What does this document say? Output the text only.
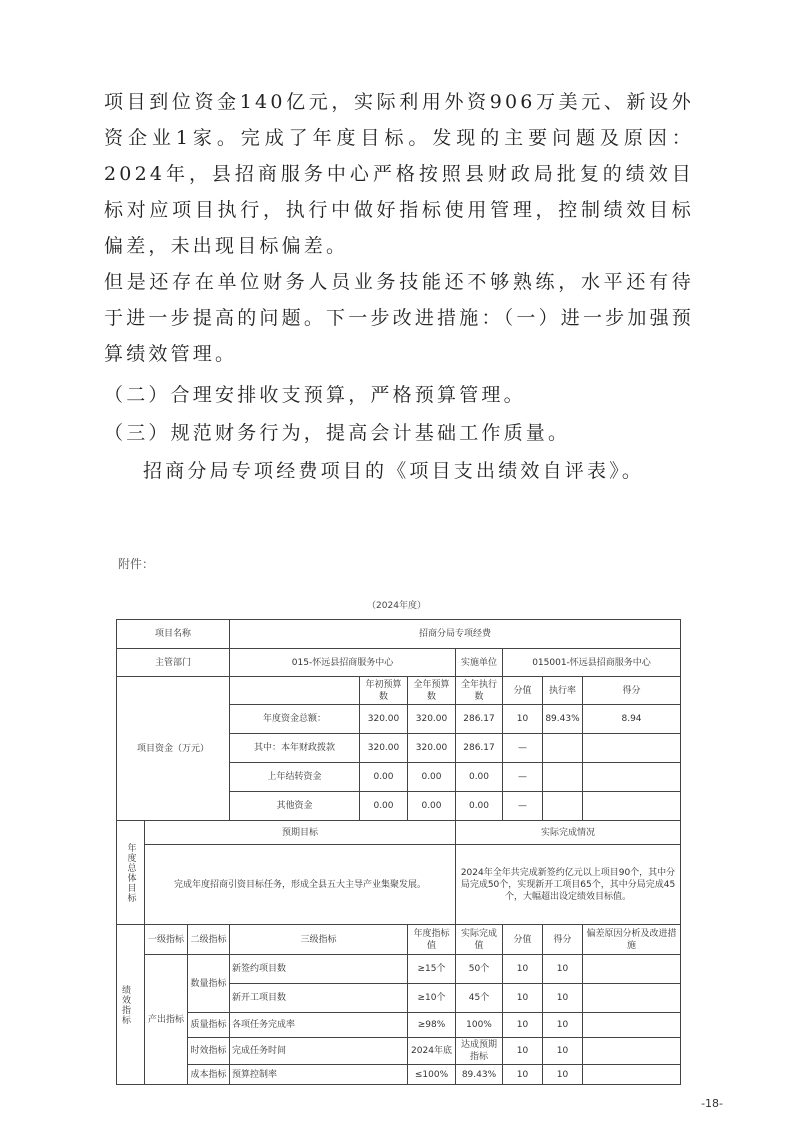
项目到位资金140亿元，实际利用外资906万美元、新设外资企业1家。完成了年度目标。发现的主要问题及原因：2024年，县招商服务中心严格按照县财政局批复的绩效目标对应项目执行，执行中做好指标使用管理，控制绩效目标偏差，未出现目标偏差。
但是还存在单位财务人员业务技能还不够熟练，水平还有待于进一步提高的问题。下一步改进措施：（一）进一步加强预算绩效管理。
（二）合理安排收支预算，严格预算管理。
（三）规范财务行为，提高会计基础工作质量。
招商分局专项经费项目的《项目支出绩效自评表》。
附件：
（2024年度）
项目名称			招商分局专项经费						
主管部门			015-怀远县招商服务中心			实施单位	015001-怀远县招商服务中心		
项目资金（万元）				年初预算数	全年预算数	全年执行数	分值	执行率	得分
			年度资金总额：	320.00	320.00	286.17	10	89.43%	8.94
			其中：本年财政拨款	320.00	320.00	286.17	—		
			上年结转资金	0.00	0.00	0.00	—		
			其他资金	0.00	0.00	0.00	—		
年度总体目标	预期目标					实际完成情况			
	完成年度招商引资目标任务，形成全县五大主导产业集聚发展。					2024年全年共完成新签约亿元以上项目90个，其中分局完成50个，实现新开工项目65个，其中分局完成45个，大幅超出设定绩效目标值。			
绩效指标	一级指标	二级指标	三级指标		年度指标值	实际完成值	分值	得分	偏差原因分析及改进措施
	产出指标	数量指标	新签约项目数		≥15个	50个	10	10	
			新开工项目数		≥10个	45个	10	10	
		质量指标	各项任务完成率		≥98%	100%	10	10	
		时效指标	完成任务时间		2024年底	达成预期指标	10	10	
		成本指标	预算控制率		≤100%	89.43%	10	10	
-18-
